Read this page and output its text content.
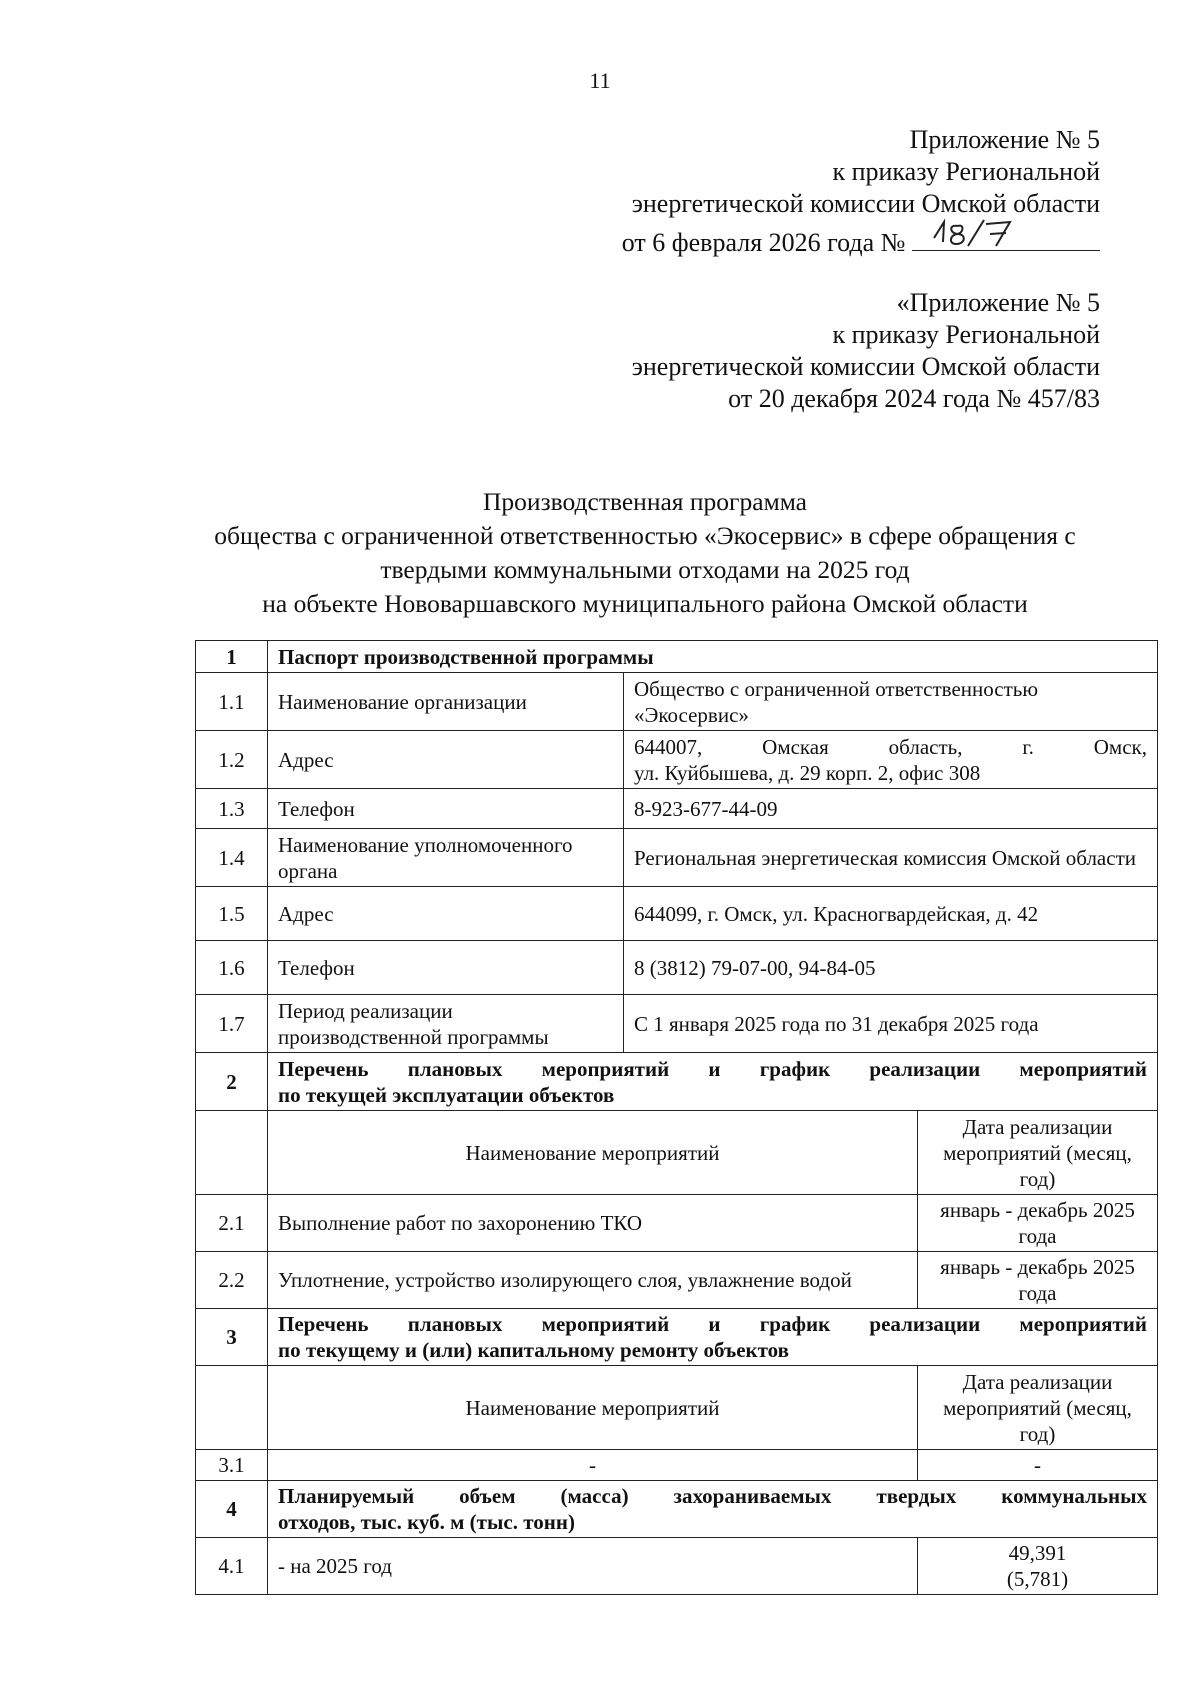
11
Приложение № 5
к приказу Региональной
энергетической комиссии Омской области
от 6 февраля 2026 года №
«Приложение № 5
к приказу Региональной
энергетической комиссии Омской области
от 20 декабря 2024 года № 457/83
Производственная программа
общества с ограниченной ответственностью «Экосервис» в сфере обращения с
твердыми коммунальными отходами на 2025 год
на объекте Нововаршавского муниципального района Омской области
1	Паспорт производственной программы		
1.1	Наименование организации	Общество с ограниченной ответственностью «Экосервис»	
1.2	Адрес	644007, Омская область, г. Омск,
ул. Куйбышева, д. 29 корп. 2, офис 308	

1.3	Телефон	8-923-677-44-09	
1.4	Наименование уполномоченного органа	Региональная энергетическая комиссия Омской области	
1.5	Адрес	644099, г. Омск, ул. Красногвардейская, д. 42	
1.6	Телефон	8 (3812) 79-07-00, 94-84-05	
1.7	Период реализации производственной программы	С 1 января 2025 года по 31 декабря 2025 года	
2	Перечень плановых мероприятий и график реализации мероприятий
по текущей эксплуатации объектов		

	Наименование мероприятий		Дата реализации мероприятий (месяц, год)
2.1	Выполнение работ по захоронению ТКО		январь - декабрь 2025 года
2.2	Уплотнение, устройство изолирующего слоя, увлажнение водой		январь - декабрь 2025 года
3	Перечень плановых мероприятий и график реализации мероприятий
по текущему и (или) капитальному ремонту объектов		

	Наименование мероприятий		Дата реализации мероприятий (месяц, год)
3.1	-		-
4	Планируемый объем (масса) захораниваемых твердых коммунальных
отходов, тыс. куб. м (тыс. тонн)		

4.1	- на 2025 год		49,391
(5,781)
